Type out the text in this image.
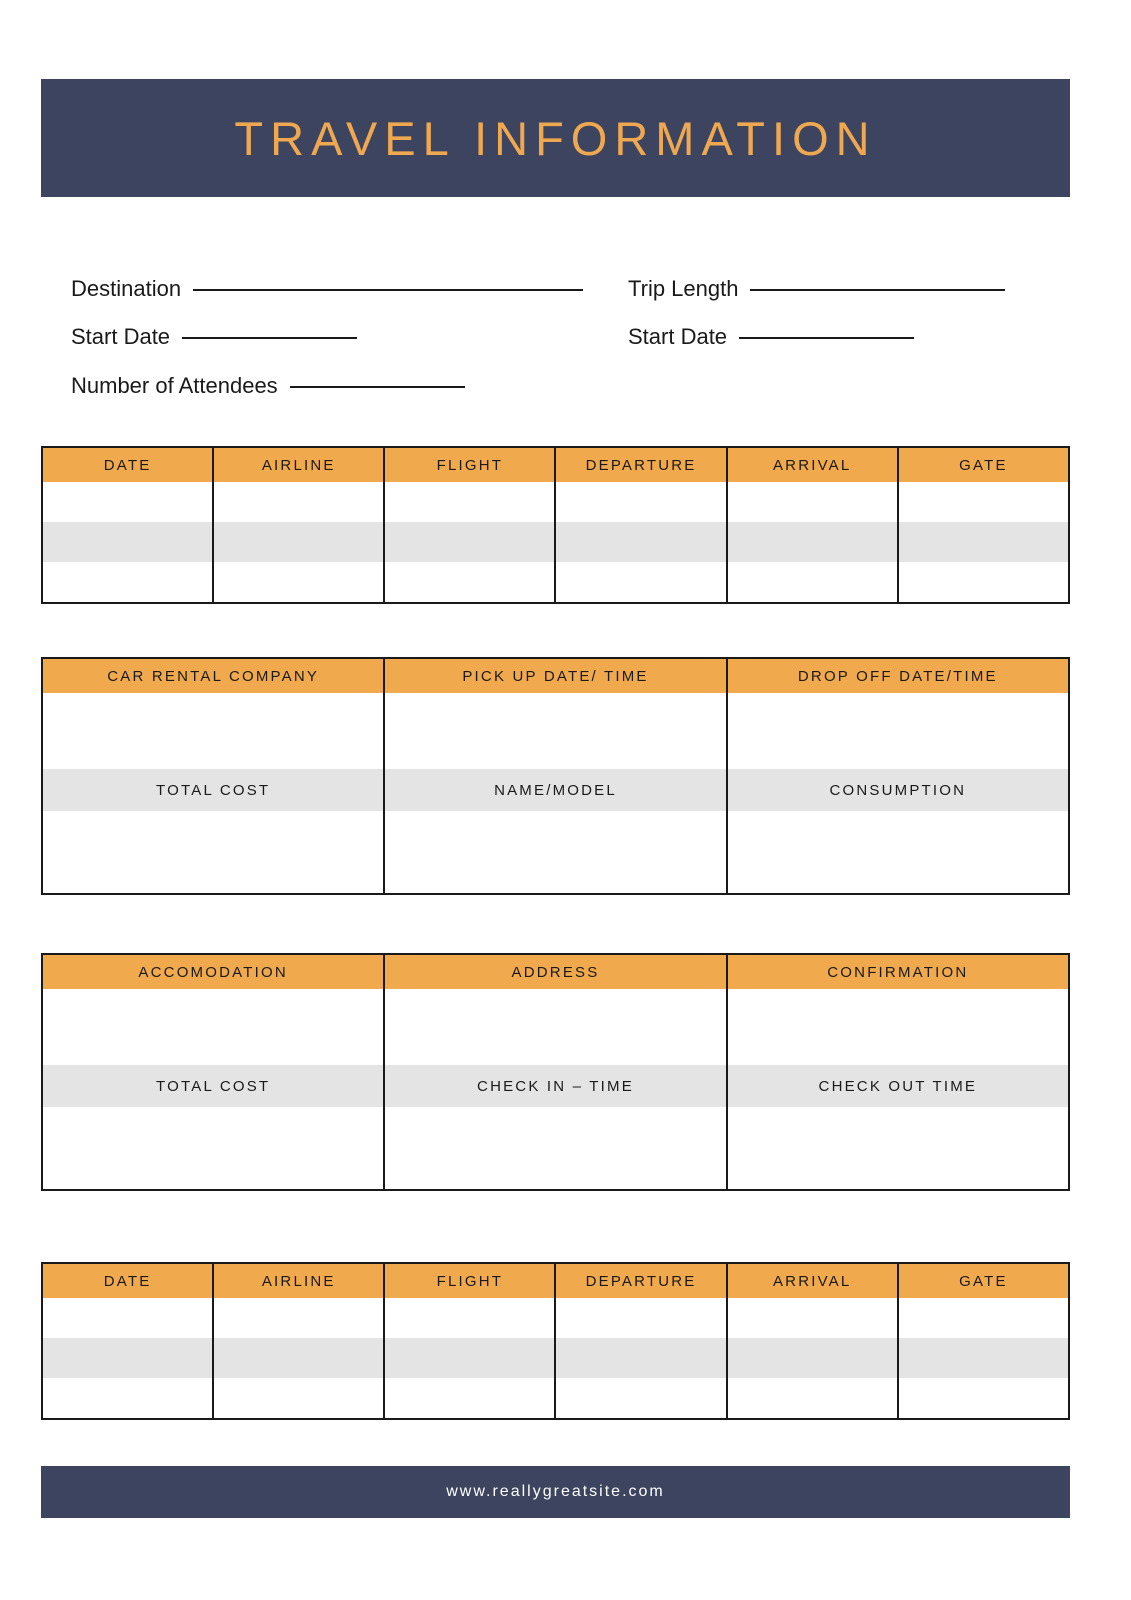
TRAVEL INFORMATION
Destination	Trip Length
Start Date	Start Date
Number of Attendees
DATE	AIRLINE	FLIGHT	DEPARTURE	ARRIVAL	GATE

CAR RENTAL COMPANY	PICK UP DATE/ TIME	DROP OFF DATE/TIME

TOTAL COST	NAME/MODEL	CONSUMPTION

ACCOMODATION	ADDRESS	CONFIRMATION

TOTAL COST	CHECK IN – TIME	CHECK OUT TIME

DATE	AIRLINE	FLIGHT	DEPARTURE	ARRIVAL	GATE

www.reallygreatsite.com
